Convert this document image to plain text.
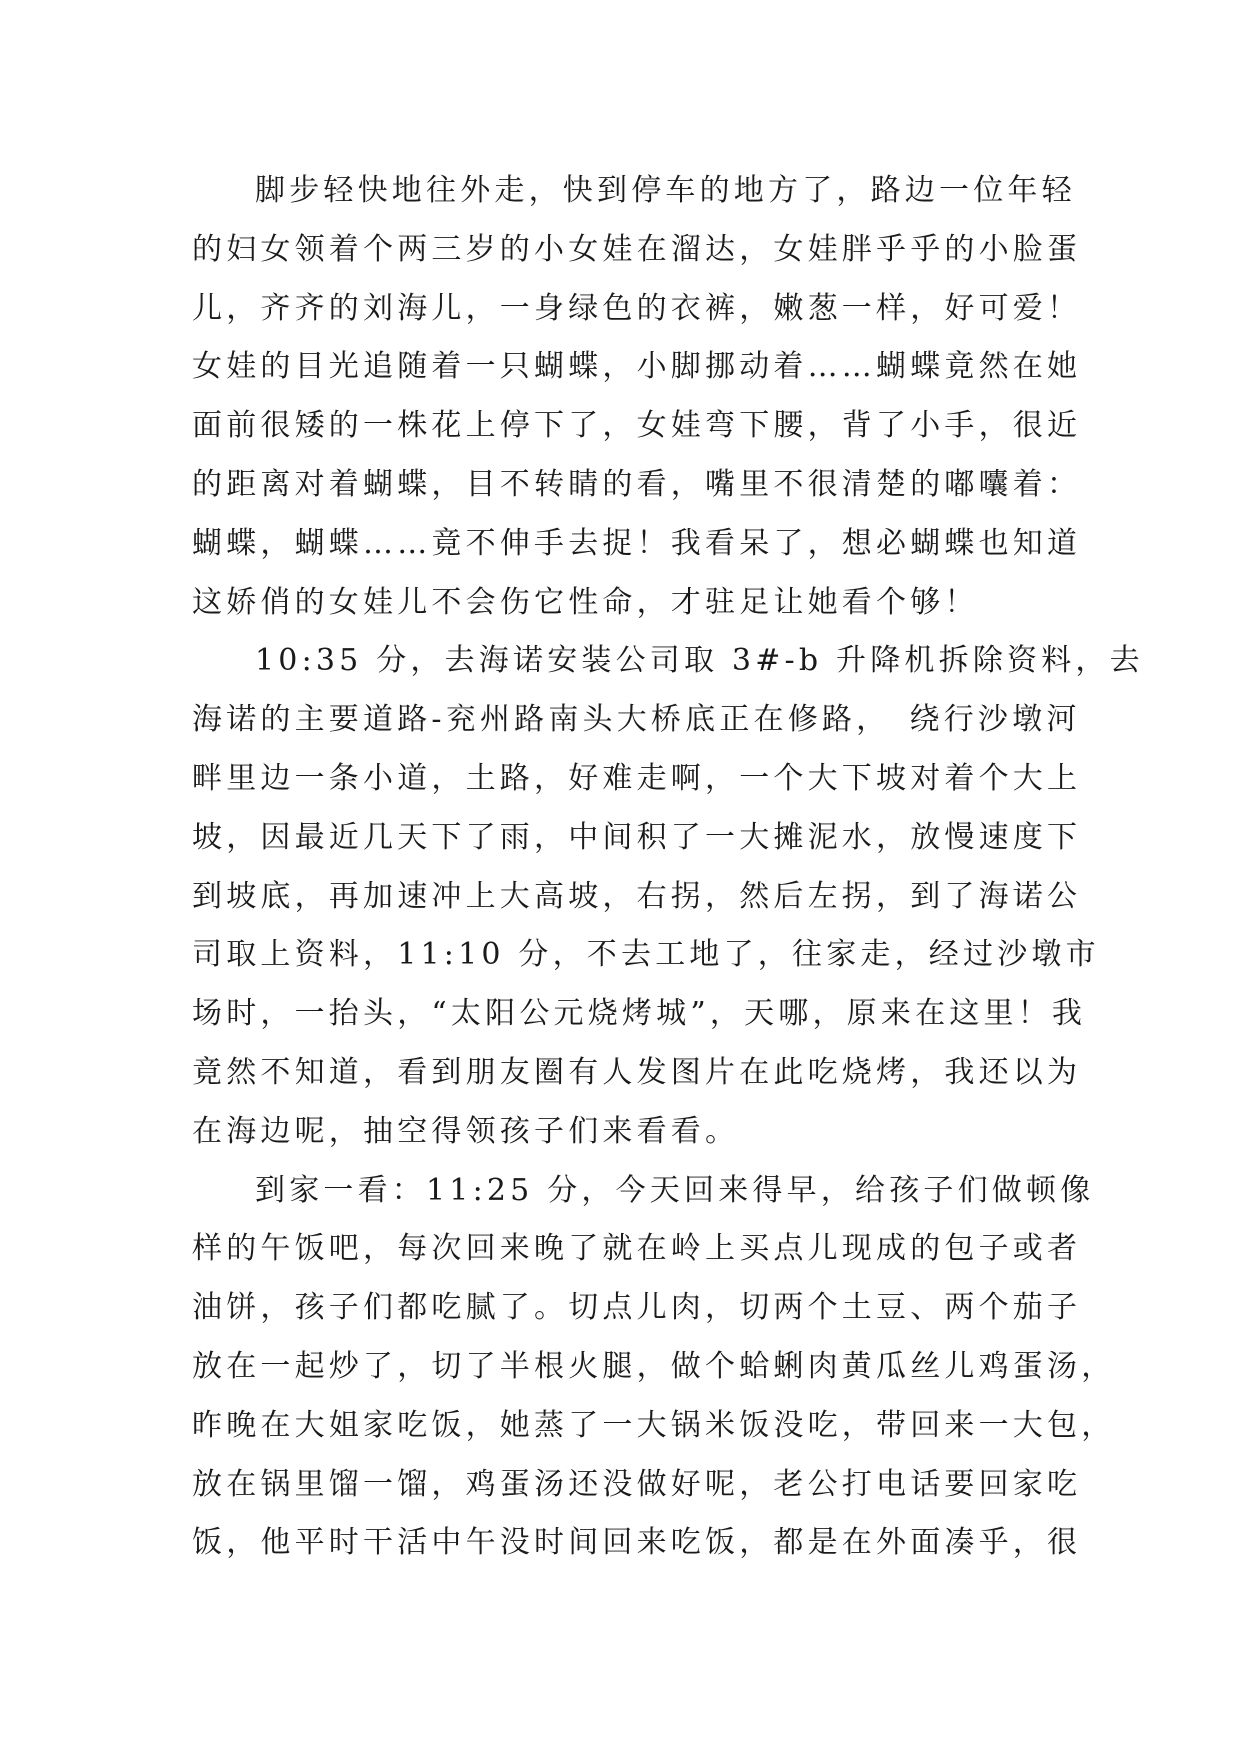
脚步轻快地往外走，快到停车的地方了，路边一位年轻
的妇女领着个两三岁的小女娃在溜达，女娃胖乎乎的小脸蛋
儿，齐齐的刘海儿，一身绿色的衣裤，嫩葱一样，好可爱！
女娃的目光追随着一只蝴蝶，小脚挪动着……蝴蝶竟然在她
面前很矮的一株花上停下了，女娃弯下腰，背了小手，很近
的距离对着蝴蝶，目不转睛的看，嘴里不很清楚的嘟囔着：
蝴蝶，蝴蝶……竟不伸手去捉！我看呆了，想必蝴蝶也知道
这娇俏的女娃儿不会伤它性命，才驻足让她看个够！
10:35 分，去海诺安装公司取 3#-b 升降机拆除资料，去
海诺的主要道路-兖州路南头大桥底正在修路，　绕行沙墩河
畔里边一条小道，土路，好难走啊，一个大下坡对着个大上
坡，因最近几天下了雨，中间积了一大摊泥水，放慢速度下
到坡底，再加速冲上大高坡，右拐，然后左拐，到了海诺公
司取上资料，11:10 分，不去工地了，往家走，经过沙墩市
场时，一抬头，“太阳公元烧烤城”，天哪，原来在这里！我
竟然不知道，看到朋友圈有人发图片在此吃烧烤，我还以为
在海边呢，抽空得领孩子们来看看。
到家一看：11:25 分，今天回来得早，给孩子们做顿像
样的午饭吧，每次回来晚了就在岭上买点儿现成的包子或者
油饼，孩子们都吃腻了。切点儿肉，切两个土豆、两个茄子
放在一起炒了，切了半根火腿，做个蛤蜊肉黄瓜丝儿鸡蛋汤，
昨晚在大姐家吃饭，她蒸了一大锅米饭没吃，带回来一大包，
放在锅里馏一馏，鸡蛋汤还没做好呢，老公打电话要回家吃
饭，他平时干活中午没时间回来吃饭，都是在外面凑乎，很
